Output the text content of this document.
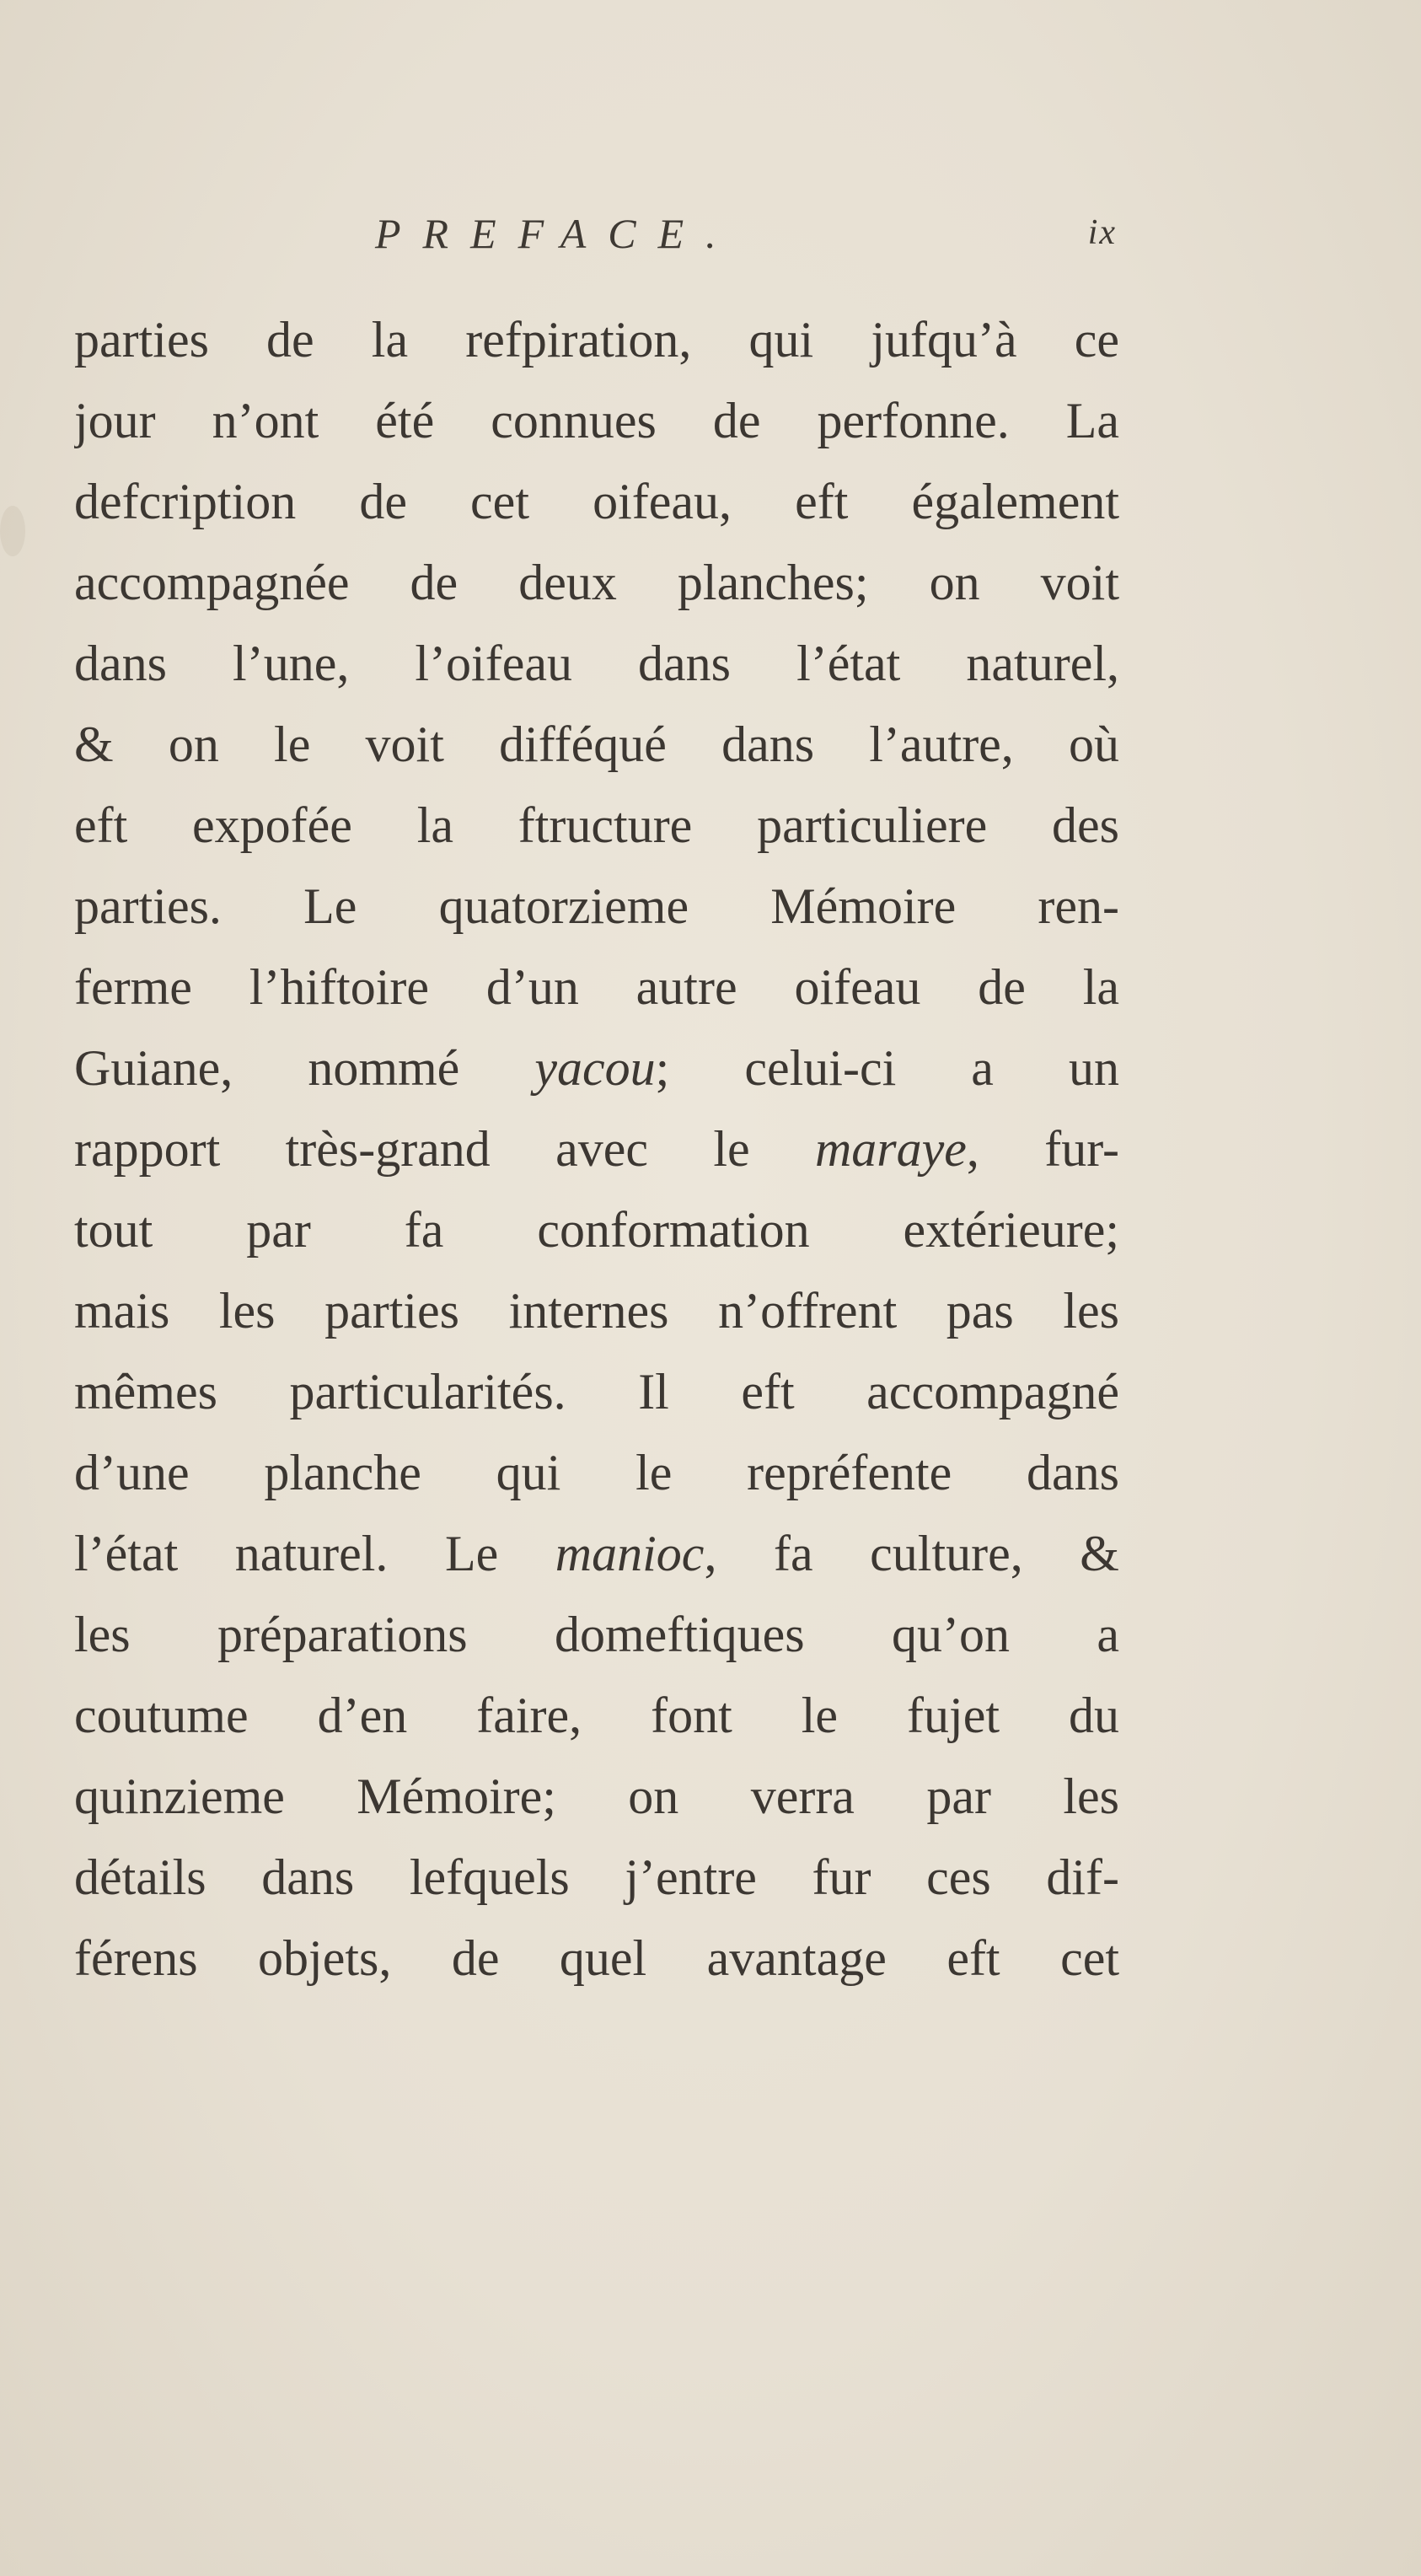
PREFACE.	ix
parties de la refpiration, qui jufqu’à ce
jour n’ont été connues de perfonne. La
defcription de cet oifeau, eft également
accompagnée de deux planches; on voit
dans l’une, l’oifeau dans l’état naturel,
& on le voit difféqué dans l’autre, où
eft expofée la ftructure particuliere des
parties. Le quatorzieme Mémoire ren-
ferme l’hiftoire d’un autre oifeau de la
Guiane, nommé yacou; celui-ci a un
rapport très-grand avec le maraye, fur-
tout par fa conformation extérieure;
mais les parties internes n’offrent pas les
mêmes particularités. Il eft accompagné
d’une planche qui le repréfente dans
l’état naturel. Le manioc, fa culture, &
les préparations domeftiques qu’on a
coutume d’en faire, font le fujet du
quinzieme Mémoire; on verra par les
détails dans lefquels j’entre fur ces dif-
férens objets, de quel avantage eft cet
